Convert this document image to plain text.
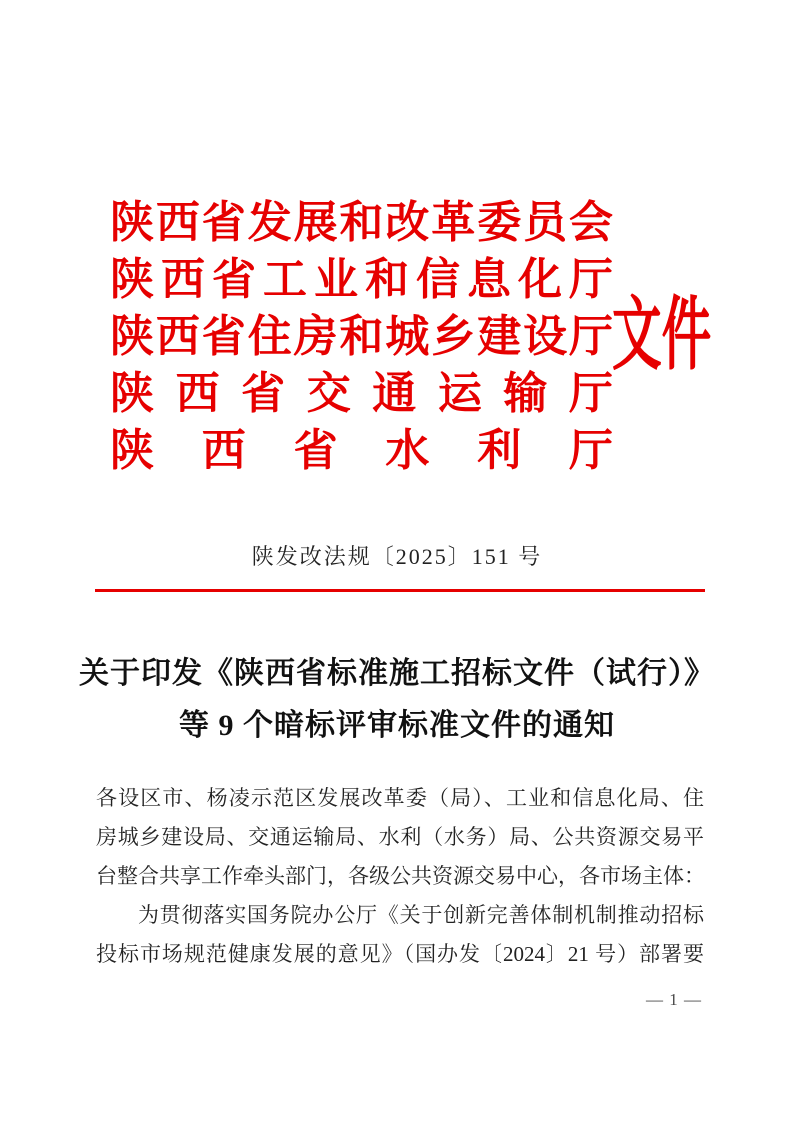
陕西省发展和改革委员会
陕西省工业和信息化厅
陕西省住房和城乡建设厅
陕西省交通运输厅
陕西省水利厅
文件
陕发改法规〔2025〕151 号
关于印发《陕西省标准施工招标文件（试行）》
等 9 个暗标评审标准文件的通知
各设区市、杨凌示范区发展改革委（局）、工业和信息化局、住
房城乡建设局、交通运输局、水利（水务）局、公共资源交易平
台整合共享工作牵头部门，各级公共资源交易中心，各市场主体：
为贯彻落实国务院办公厅《关于创新完善体制机制推动招标
投标市场规范健康发展的意见》（国办发〔2024〕21 号）部署要
— 1 —
